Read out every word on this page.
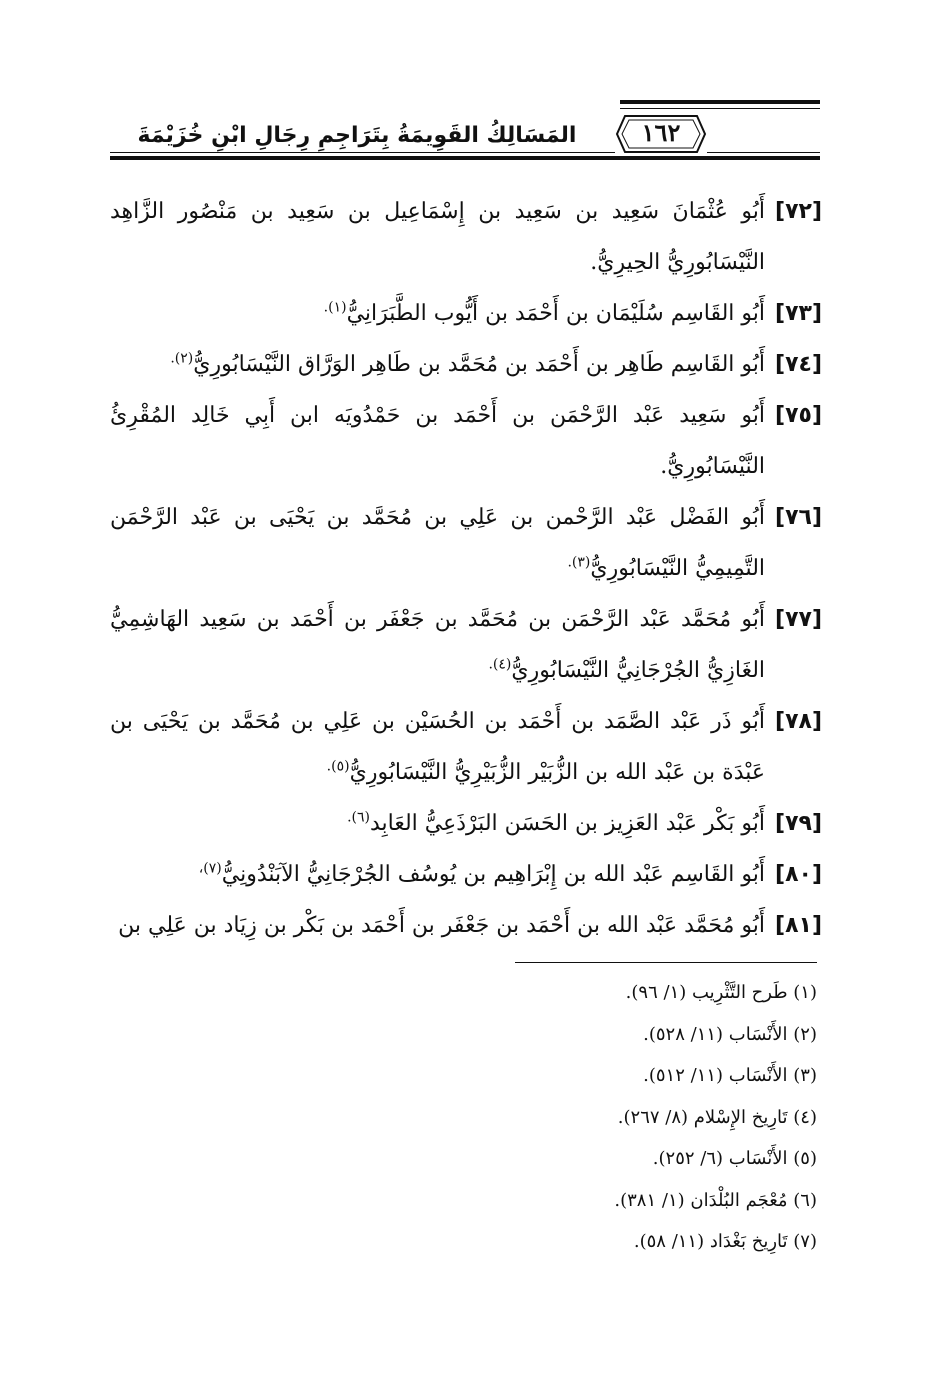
١٦٢
المَسَالِكُ القَوِيمَةُ بِتَرَاجِمِ رِجَالِ ابْنِ خُزَيْمَةَ
[٧٢]
أَبُو عُثْمَانَ سَعِيد بن سَعِيد بن إِسْمَاعِيل بن سَعِيد بن مَنْصُور الزَّاهِد النَّيْسَابُورِيُّ الحِيرِيُّ.
[٧٣]
أَبُو القَاسِم سُلَيْمَان بن أَحْمَد بن أَيُّوب الطَّبَرَانِيُّ$^{(١).}$
[٧٤]
أَبُو القَاسِم طَاهِر بن أَحْمَد بن مُحَمَّد بن طَاهِر الوَرَّاق النَّيْسَابُورِيُّ$^{(٢).}$
[٧٥]
أَبُو سَعِيد عَبْد الرَّحْمَن بن أَحْمَد بن حَمْدُويَه ابن أَبِي خَالِد المُقْرِئُ النَّيْسَابُورِيُّ.
[٧٦]
أَبُو الفَضْل عَبْد الرَّحْمن بن عَلِي بن مُحَمَّد بن يَحْيَى بن عَبْد الرَّحْمَن التَّمِيمِيُّ النَّيْسَابُورِيُّ$^{(٣).}$
[٧٧]
أَبُو مُحَمَّد عَبْد الرَّحْمَن بن مُحَمَّد بن جَعْفَر بن أَحْمَد بن سَعِيد الهَاشِمِيُّ الغَازِيُّ الجُرْجَانِيُّ النَّيْسَابُورِيُّ$^{(٤).}$
[٧٨]
أَبُو ذَر عَبْد الصَّمَد بن أَحْمَد بن الحُسَيْن بن عَلِي بن مُحَمَّد بن يَحْيَى بن عَبْدَة بن عَبْد الله بن الزُّبَيْر الزُّبَيْرِيُّ النَّيْسَابُورِيُّ$^{(٥).}$
[٧٩]
أَبُو بَكْر عَبْد العَزِيز بن الحَسَن البَرْذَعِيُّ العَابِد$^{(٦).}$
[٨٠]
أَبُو القَاسِم عَبْد الله بن إِبْرَاهِيم بن يُوسُف الجُرْجَانِيُّ الآبَنْدُونِيُّ$^{(٧)،}$
[٨١]
أَبُو مُحَمَّد عَبْد الله بن أَحْمَد بن جَعْفَر بن أَحْمَد بن بَكْر بن زِيَاد بن عَلِي بن
(١) طَرح التَّثْرِيب (١/ ٩٦).
(٢) الأَنْسَاب (١١/ ٥٢٨).
(٣) الأَنْسَاب (١١/ ٥١٢).
(٤) تَارِيخ الإِسْلام (٨/ ٢٦٧).
(٥) الأَنْسَاب (٦/ ٢٥٢).
(٦) مُعْجَم البُلْدَان (١/ ٣٨١).
(٧) تَارِيخ بَغْدَاد (١١/ ٥٨).
